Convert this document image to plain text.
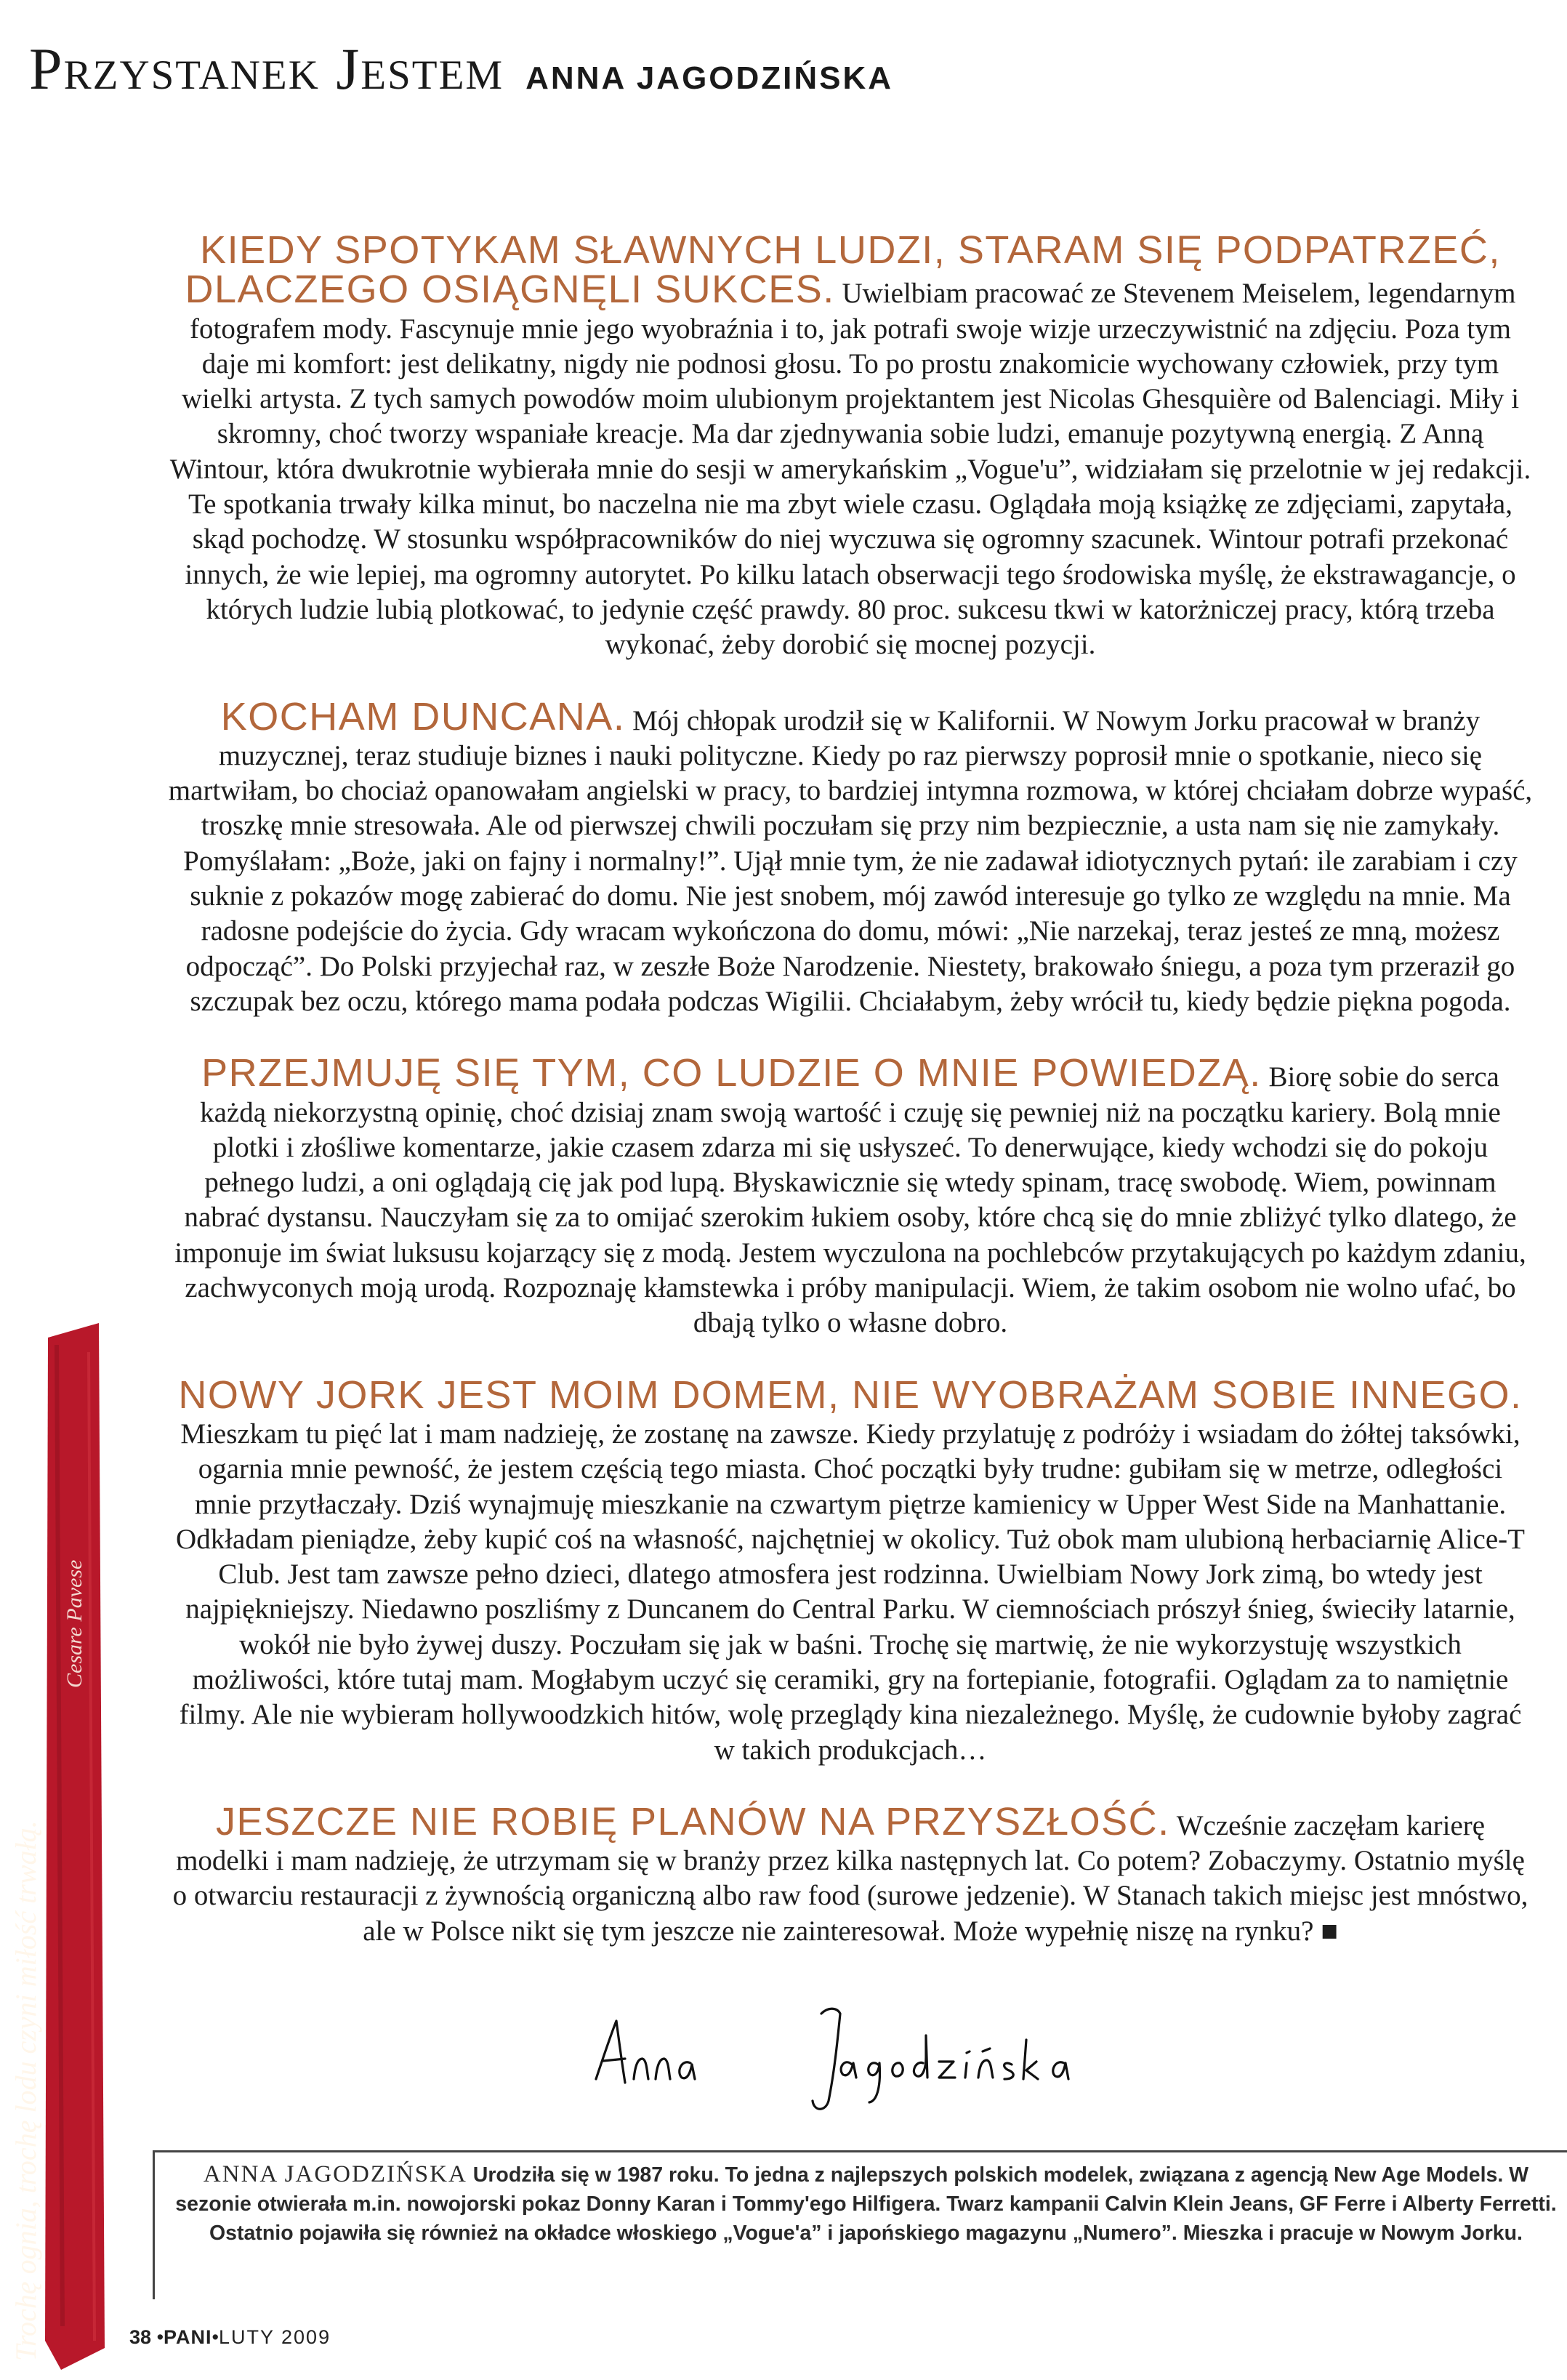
Przystanek Jestem ANNA JAGODZIŃSKA

KIEDY SPOTYKAM SŁAWNYCH LUDZI, STARAM SIĘ PODPATRZEĆ, DLACZEGO OSIĄGNĘLI SUKCES. Uwielbiam pracować ze Stevenem Meiselem, legendarnym fotografem mody. Fascynuje mnie jego wyobraźnia i to, jak potrafi swoje wizje urzeczywistnić na zdjęciu. Poza tym daje mi komfort: jest delikatny, nigdy nie podnosi głosu. To po prostu znakomicie wychowany człowiek, przy tym wielki artysta. Z tych samych powodów moim ulubionym projektantem jest Nicolas Ghesquière od Balenciagi. Miły i skromny, choć tworzy wspaniałe kreacje. Ma dar zjednywania sobie ludzi, emanuje pozytywną energią. Z Anną Wintour, która dwukrotnie wybierała mnie do sesji w amerykańskim „Vogue'u”, widziałam się przelotnie w jej redakcji. Te spotkania trwały kilka minut, bo naczelna nie ma zbyt wiele czasu. Oglądała moją książkę ze zdjęciami, zapytała, skąd pochodzę. W stosunku współpracowników do niej wyczuwa się ogromny szacunek. Wintour potrafi przekonać innych, że wie lepiej, ma ogromny autorytet. Po kilku latach obserwacji tego środowiska myślę, że ekstrawagancje, o których ludzie lubią plotkować, to jedynie część prawdy. 80 proc. sukcesu tkwi w katorżniczej pracy, którą trzeba wykonać, żeby dorobić się mocnej pozycji.

KOCHAM DUNCANA. Mój chłopak urodził się w Kalifornii. W Nowym Jorku pracował w branży muzycznej, teraz studiuje biznes i nauki polityczne. Kiedy po raz pierwszy poprosił mnie o spotkanie, nieco się martwiłam, bo chociaż opanowałam angielski w pracy, to bardziej intymna rozmowa, w której chciałam dobrze wypaść, troszkę mnie stresowała. Ale od pierwszej chwili poczułam się przy nim bezpiecznie, a usta nam się nie zamykały. Pomyślałam: „Boże, jaki on fajny i normalny!”. Ujął mnie tym, że nie zadawał idiotycznych pytań: ile zarabiam i czy suknie z pokazów mogę zabierać do domu. Nie jest snobem, mój zawód interesuje go tylko ze względu na mnie. Ma radosne podejście do życia. Gdy wracam wykończona do domu, mówi: „Nie narzekaj, teraz jesteś ze mną, możesz odpocząć”. Do Polski przyjechał raz, w zeszłe Boże Narodzenie. Niestety, brakowało śniegu, a poza tym przeraził go szczupak bez oczu, którego mama podała podczas Wigilii. Chciałabym, żeby wrócił tu, kiedy będzie piękna pogoda.

PRZEJMUJĘ SIĘ TYM, CO LUDZIE O MNIE POWIEDZĄ. Biorę sobie do serca każdą niekorzystną opinię, choć dzisiaj znam swoją wartość i czuję się pewniej niż na początku kariery. Bolą mnie plotki i złośliwe komentarze, jakie czasem zdarza mi się usłyszeć. To denerwujące, kiedy wchodzi się do pokoju pełnego ludzi, a oni oglądają cię jak pod lupą. Błyskawicznie się wtedy spinam, tracę swobodę. Wiem, powinnam nabrać dystansu. Nauczyłam się za to omijać szerokim łukiem osoby, które chcą się do mnie zbliżyć tylko dlatego, że imponuje im świat luksusu kojarzący się z modą. Jestem wyczulona na pochlebców przytakujących po każdym zdaniu, zachwyconych moją urodą. Rozpoznaję kłamstewka i próby manipulacji. Wiem, że takim osobom nie wolno ufać, bo dbają tylko o własne dobro.

NOWY JORK JEST MOIM DOMEM, NIE WYOBRAŻAM SOBIE INNEGO. Mieszkam tu pięć lat i mam nadzieję, że zostanę na zawsze. Kiedy przylatuję z podróży i wsiadam do żółtej taksówki, ogarnia mnie pewność, że jestem częścią tego miasta. Choć początki były trudne: gubiłam się w metrze, odległości mnie przytłaczały. Dziś wynajmuję mieszkanie na czwartym piętrze kamienicy w Upper West Side na Manhattanie. Odkładam pieniądze, żeby kupić coś na własność, najchętniej w okolicy. Tuż obok mam ulubioną herbaciarnię Alice-T Club. Jest tam zawsze pełno dzieci, dlatego atmosfera jest rodzinna. Uwielbiam Nowy Jork zimą, bo wtedy jest najpiękniejszy. Niedawno poszliśmy z Duncanem do Central Parku. W ciemnościach prószył śnieg, świeciły latarnie, wokół nie było żywej duszy. Poczułam się jak w baśni. Trochę się martwię, że nie wykorzystuję wszystkich możliwości, które tutaj mam. Mogłabym uczyć się ceramiki, gry na fortepianie, fotografii. Oglądam za to namiętnie filmy. Ale nie wybieram hollywoodzkich hitów, wolę przeglądy kina niezależnego. Myślę, że cudownie byłoby zagrać w takich produkcjach…

JESZCZE NIE ROBIĘ PLANÓW NA PRZYSZŁOŚĆ. Wcześnie zaczęłam karierę modelki i mam nadzieję, że utrzymam się w branży przez kilka następnych lat. Co potem? Zobaczymy. Ostatnio myślę o otwarciu restauracji z żywnością organiczną albo raw food (surowe jedzenie). W Stanach takich miejsc jest mnóstwo, ale w Polsce nikt się tym jeszcze nie zainteresował. Może wypełnię niszę na rynku? ■

ANNA JAGODZIŃSKA Urodziła się w 1987 roku. To jedna z najlepszych polskich modelek, związana z agencją New Age Models. W sezonie otwierała m.in. nowojorski pokaz Donny Karan i Tommy'ego Hilfigera. Twarz kampanii Calvin Klein Jeans, GF Ferre i Alberty Ferretti. Ostatnio pojawiła się również na okładce włoskiego „Vogue'a” i japońskiego magazynu „Numero”. Mieszka i pracuje w Nowym Jorku.
Trochę ognia, trochę lodu czyni miłość trwałą.
Cesare Pavese
38 •PANI•LUTY 2009
